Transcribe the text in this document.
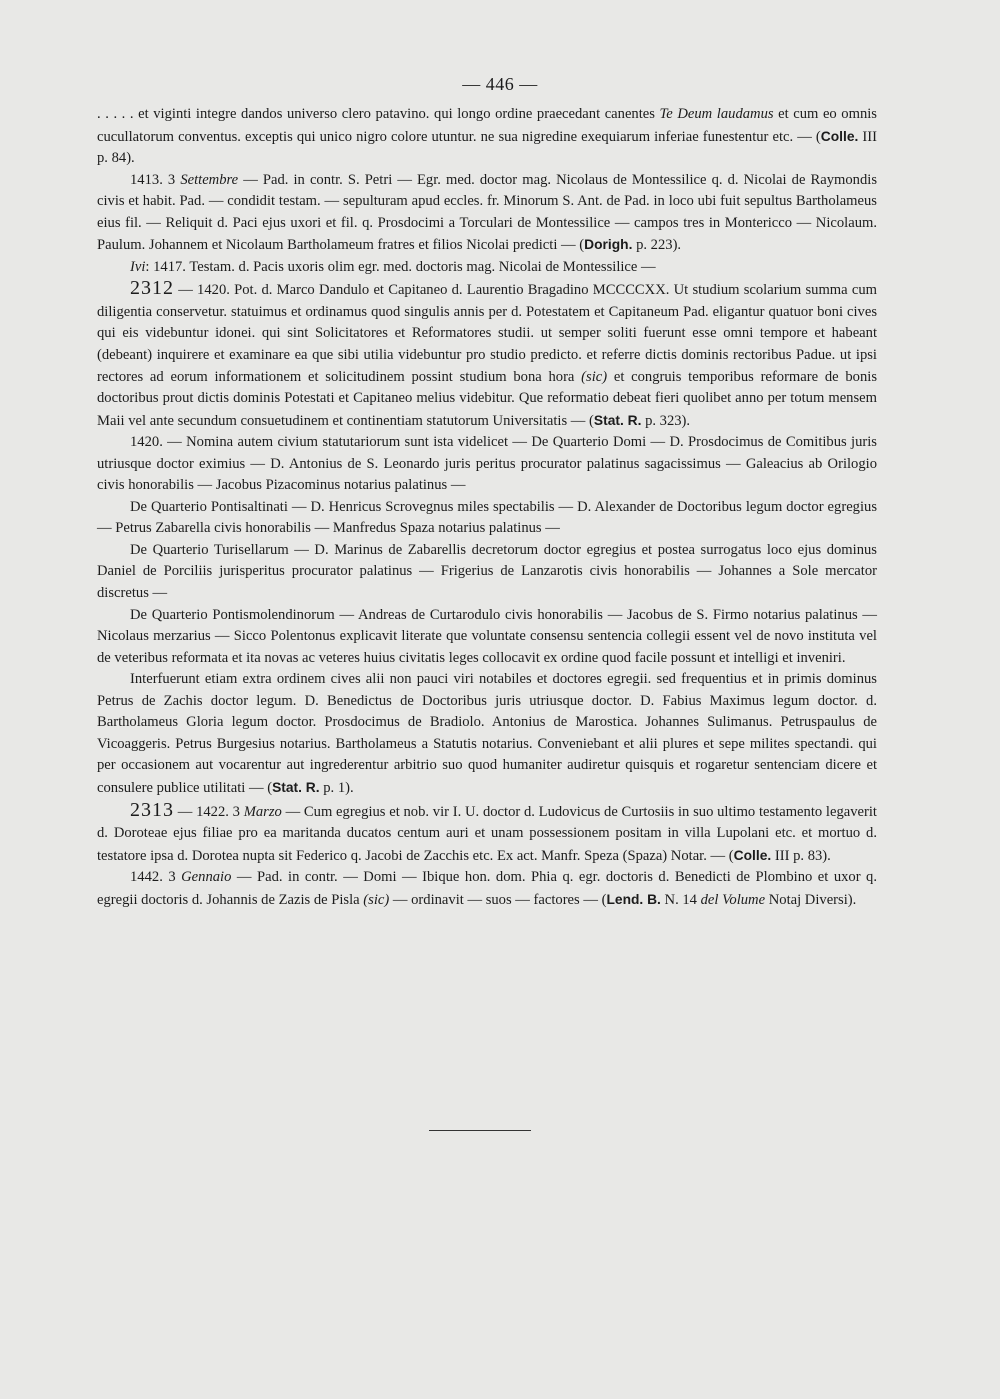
— 446 —

. . . . . et viginti integre dandos universo clero patavino. qui longo ordine praecedant canentes Te Deum laudamus et cum eo omnis cucullatorum conventus. exceptis qui unico nigro colore utuntur. ne sua nigredine exequiarum inferiae funestentur etc. — (Colle. III p. 84).

1413. 3 Settembre — Pad. in contr. S. Petri — Egr. med. doctor mag. Nicolaus de Montessilice q. d. Nicolai de Raymondis civis et habit. Pad. — condidit testam. — sepulturam apud eccles. fr. Minorum S. Ant. de Pad. in loco ubi fuit sepultus Bartholameus eius fil. — Reliquit d. Paci ejus uxori et fil. q. Prosdocimi a Torculari de Montessilice — campos tres in Montericco — Nicolaum. Paulum. Johannem et Nicolaum Bartholameum fratres et filios Nicolai predicti — (Dorigh. p. 223).

Ivi: 1417. Testam. d. Pacis uxoris olim egr. med. doctoris mag. Nicolai de Montessilice —

2312 — 1420. Pot. d. Marco Dandulo et Capitaneo d. Laurentio Bragadino MCCCCXX. Ut studium scolarium summa cum diligentia conservetur. statuimus et ordinamus quod singulis annis per d. Potestatem et Capitaneum Pad. eligantur quatuor boni cives qui eis videbuntur idonei. qui sint Solicitatores et Reformatores studii. ut semper soliti fuerunt esse omni tempore et habeant (debeant) inquirere et examinare ea que sibi utilia videbuntur pro studio predicto. et referre dictis dominis rectoribus Padue. ut ipsi rectores ad eorum informationem et solicitudinem possint studium bona hora (sic) et congruis temporibus reformare de bonis doctoribus prout dictis dominis Potestati et Capitaneo melius videbitur. Que reformatio debeat fieri quolibet anno per totum mensem Maii vel ante secundum consuetudinem et continentiam statutorum Universitatis — (Stat. R. p. 323).

1420. — Nomina autem civium statutariorum sunt ista videlicet — De Quarterio Domi — D. Prosdocimus de Comitibus juris utriusque doctor eximius — D. Antonius de S. Leonardo juris peritus procurator palatinus sagacissimus — Galeacius ab Orilogio civis honorabilis — Jacobus Pizacominus notarius palatinus —

De Quarterio Pontisaltinati — D. Henricus Scrovegnus miles spectabilis — D. Alexander de Doctoribus legum doctor egregius — Petrus Zabarella civis honorabilis — Manfredus Spaza notarius palatinus —

De Quarterio Turisellarum — D. Marinus de Zabarellis decretorum doctor egregius et postea surrogatus loco ejus dominus Daniel de Porciliis jurisperitus procurator palatinus — Frigerius de Lanzarotis civis honorabilis — Johannes a Sole mercator discretus —

De Quarterio Pontismolendinorum — Andreas de Curtarodulo civis honorabilis — Jacobus de S. Firmo notarius palatinus — Nicolaus merzarius — Sicco Polentonus explicavit literate que voluntate consensu sentencia collegii essent vel de novo instituta vel de veteribus reformata et ita novas ac veteres huius civitatis leges collocavit ex ordine quod facile possunt et intelligi et inveniri.

Interfuerunt etiam extra ordinem cives alii non pauci viri notabiles et doctores egregii. sed frequentius et in primis dominus Petrus de Zachis doctor legum. D. Benedictus de Doctoribus juris utriusque doctor. D. Fabius Maximus legum doctor. d. Bartholameus Gloria legum doctor. Prosdocimus de Bradiolo. Antonius de Marostica. Johannes Sulimanus. Petruspaulus de Vicoaggeris. Petrus Burgesius notarius. Bartholameus a Statutis notarius. Conveniebant et alii plures et sepe milites spectandi. qui per occasionem aut vocarentur aut ingrederentur arbitrio suo quod humaniter audiretur quisquis et rogaretur sentenciam dicere et consulere publice utilitati — (Stat. R. p. 1).

2313 — 1422. 3 Marzo — Cum egregius et nob. vir I. U. doctor d. Ludovicus de Curtosiis in suo ultimo testamento legaverit d. Doroteae ejus filiae pro ea maritanda ducatos centum auri et unam possessionem positam in villa Lupolani etc. et mortuo d. testatore ipsa d. Dorotea nupta sit Federico q. Jacobi de Zacchis etc. Ex act. Manfr. Speza (Spaza) Notar. — (Colle. III p. 83).

1442. 3 Gennaio — Pad. in contr. — Domi — Ibique hon. dom. Phia q. egr. doctoris d. Benedicti de Plombino et uxor q. egregii doctoris d. Johannis de Zazis de Pisla (sic) — ordinavit — suos — factores — (Lend. B. N. 14 del Volume Notaj Diversi).
